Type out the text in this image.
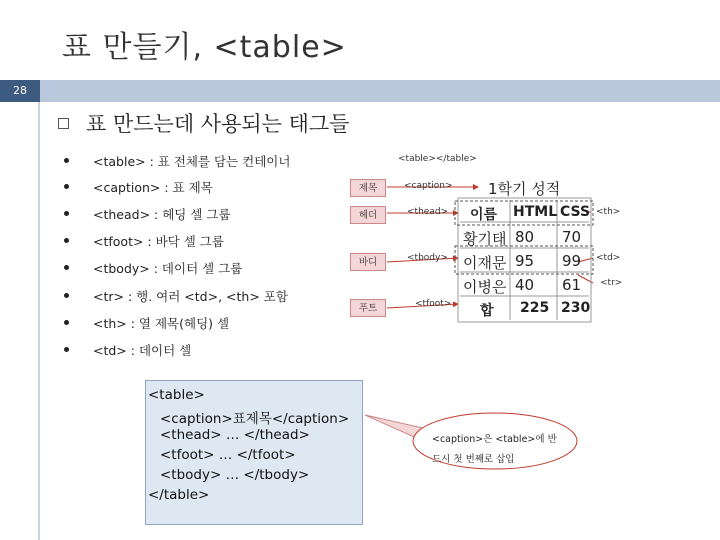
표 만들기, <table>
28
표 만드는데 사용되는 태그들
<table> : 표 전체를 담는 컨테이너
<caption> : 표 제목
<thead> : 헤딩 셀 그룹
<tfoot> : 바닥 셀 그룹
<tbody> : 데이터 셀 그룹
<tr> : 행. 여러 <td>, <th> 포함
<th> : 열 제목(헤딩) 셀
<td> : 데이터 셀
<table>
<caption>표제목</caption>
<thead> … </thead>
<tfoot> … </tfoot>
<tbody> … </tbody>
</table>
<table></table>
제목
헤더
바디
푸트
<caption>
<thead>
<tbody>
<tfoot>
<th>
<td>
<tr>
1학기 성적
이름 HTML CSS
황기태 80 70
이재문 95 99
이병은 40 61
합 225 230
<caption>은 <table>에 반
드시 첫 번째로 삽입
